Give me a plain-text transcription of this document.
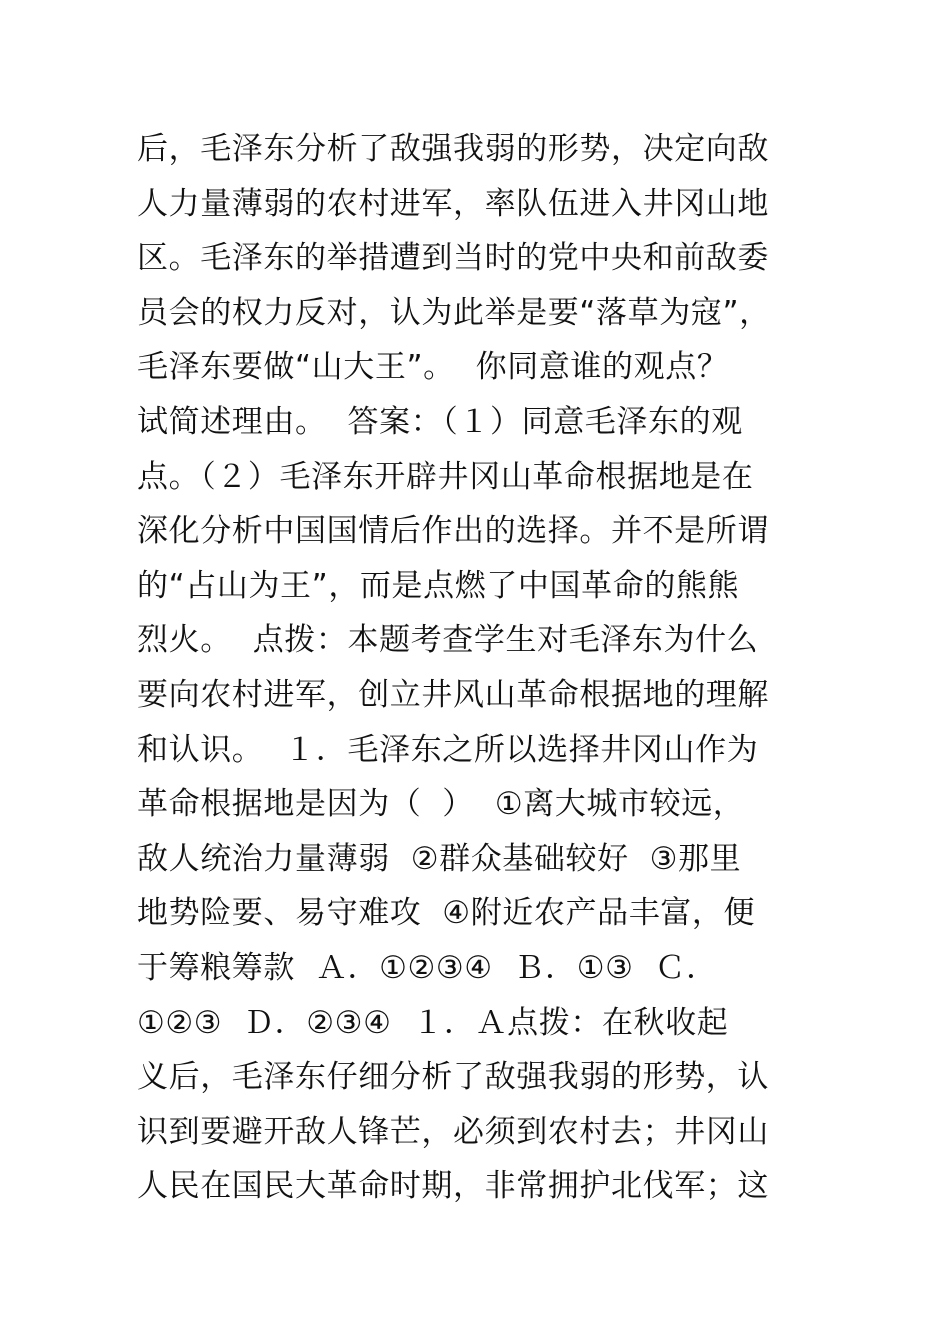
后，毛泽东分析了敌强我弱的形势，决定向敌
人力量薄弱的农村进军，率队伍进入井冈山地
区。毛泽东的举措遭到当时的党中央和前敌委
员会的权力反对，认为此举是要“落草为寇”，
毛泽东要做“山大王”。  你同意谁的观点？
试简述理由。  答案：（１）同意毛泽东的观
点。（２）毛泽东开辟井冈山革命根据地是在
深化分析中国国情后作出的选择。并不是所谓
的“占山为王”，而是点燃了中国革命的熊熊
烈火。  点拨：本题考查学生对毛泽东为什么
要向农村进军，创立井风山革命根据地的理解
和认识。  １．毛泽东之所以选择井冈山作为
革命根据地是因为（  ）  ①离大城市较远，
敌人统治力量薄弱  ②群众基础较好  ③那里
地势险要、易守难攻  ④附近农产品丰富，便
于筹粮筹款  Ａ．①②③④  Ｂ．①③  Ｃ．
①②③  Ｄ．②③④  １．Ａ点拨：在秋收起
义后，毛泽东仔细分析了敌强我弱的形势，认
识到要避开敌人锋芒，必须到农村去；井冈山
人民在国民大革命时期，非常拥护北伐军；这
